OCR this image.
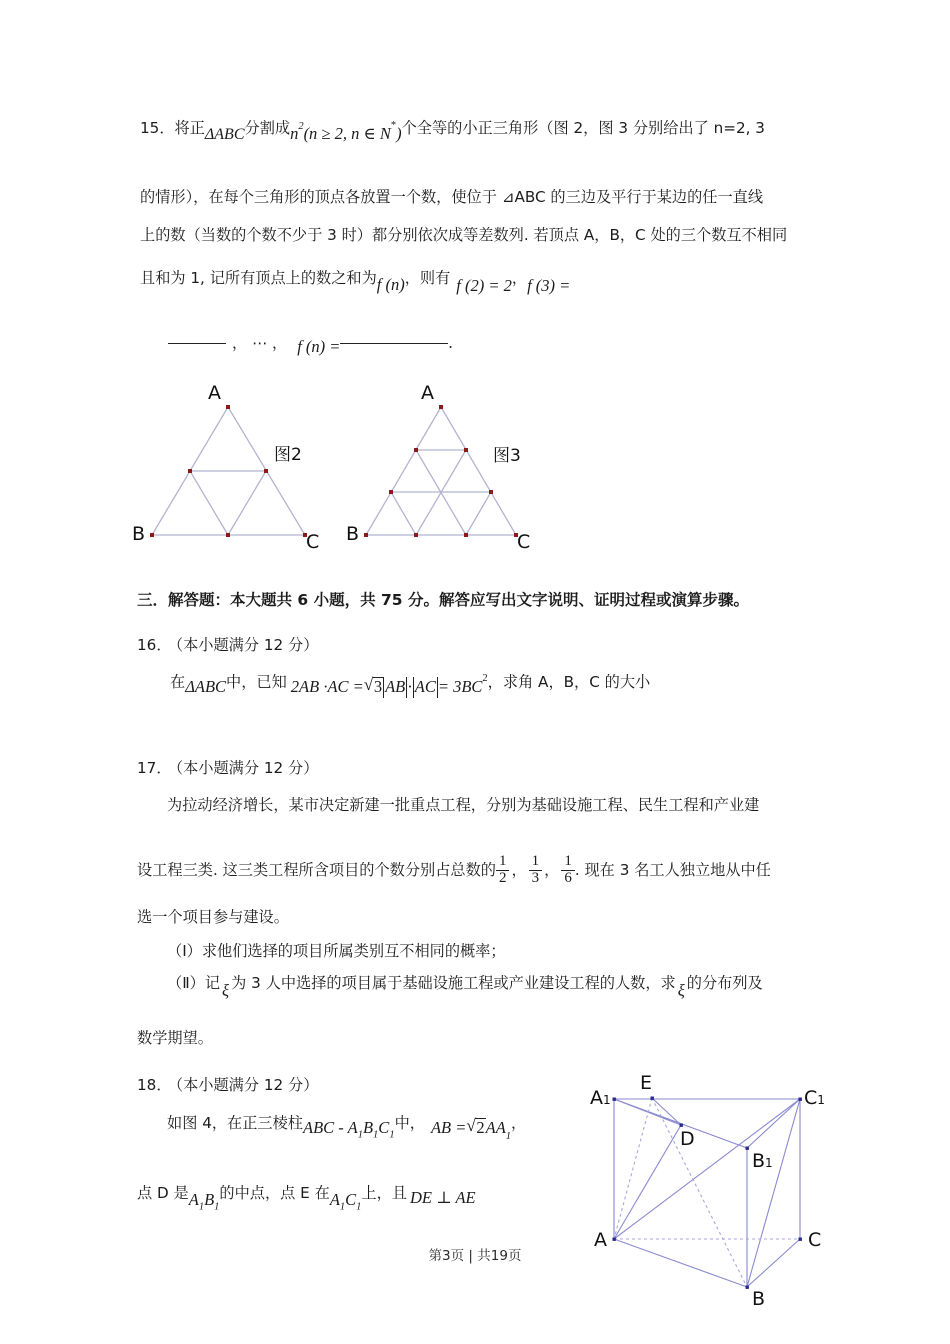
15．将正ΔABC分割成$n^2(n \ge 2$, n ∈ N*)个全等的小正三角形（图 2，图 3 分别给出了 n=2, 3
的情形），在每个三角形的顶点各放置一个数，使位于 ⊿ABC 的三边及平行于某边的任一直线
上的数（当数的个数不少于 3 时）都分别依次成等差数列. 若顶点 A，B，C 处的三个数互不相同
且和为 1, 记所有顶点上的数之和为f (n)，则有 f (2) = 2，f (3) =
， ⋯ ， f (n) =	.
A
B	C
图2
A
B	C
图3
三．解答题：本大题共 6 小题，共 75 分。解答应写出文字说明、证明过程或演算步骤。
16． （本小题满分 12 分）
在ΔABC中，已知 2AB ·AC = √ 3 AB · AC = $3BC^2$，求角 A，B，C 的大小
17． （本小题满分 12 分）
为拉动经济增长，某市决定新建一批重点工程，分别为基础设施工程、民生工程和产业建
设工程三类. 这三类工程所含项目的个数分别占总数的 $\frac{1}{2}$ ， $\frac{1}{3}$ ， $\frac{1}{6}$ . 现在 3 名工人独立地从中任
选一个项目参与建设。
（Ⅰ）求他们选择的项目所属类别互不相同的概率；
（Ⅱ）记 ξ 为 3 人中选择的项目属于基础设施工程或产业建设工程的人数，求 ξ 的分布列及
数学期望。
18． （本小题满分 12 分）
如图 4，在正三棱柱ABC - $A_1B_1C_1$中， AB = √ $2AA_1$，
点 D 是$A_1B_1$的中点，点 E 在$A_1C_1$上，且 DE ⊥ AE
A1
E
C1
D
B1
A	C
B
第3页 | 共19页
